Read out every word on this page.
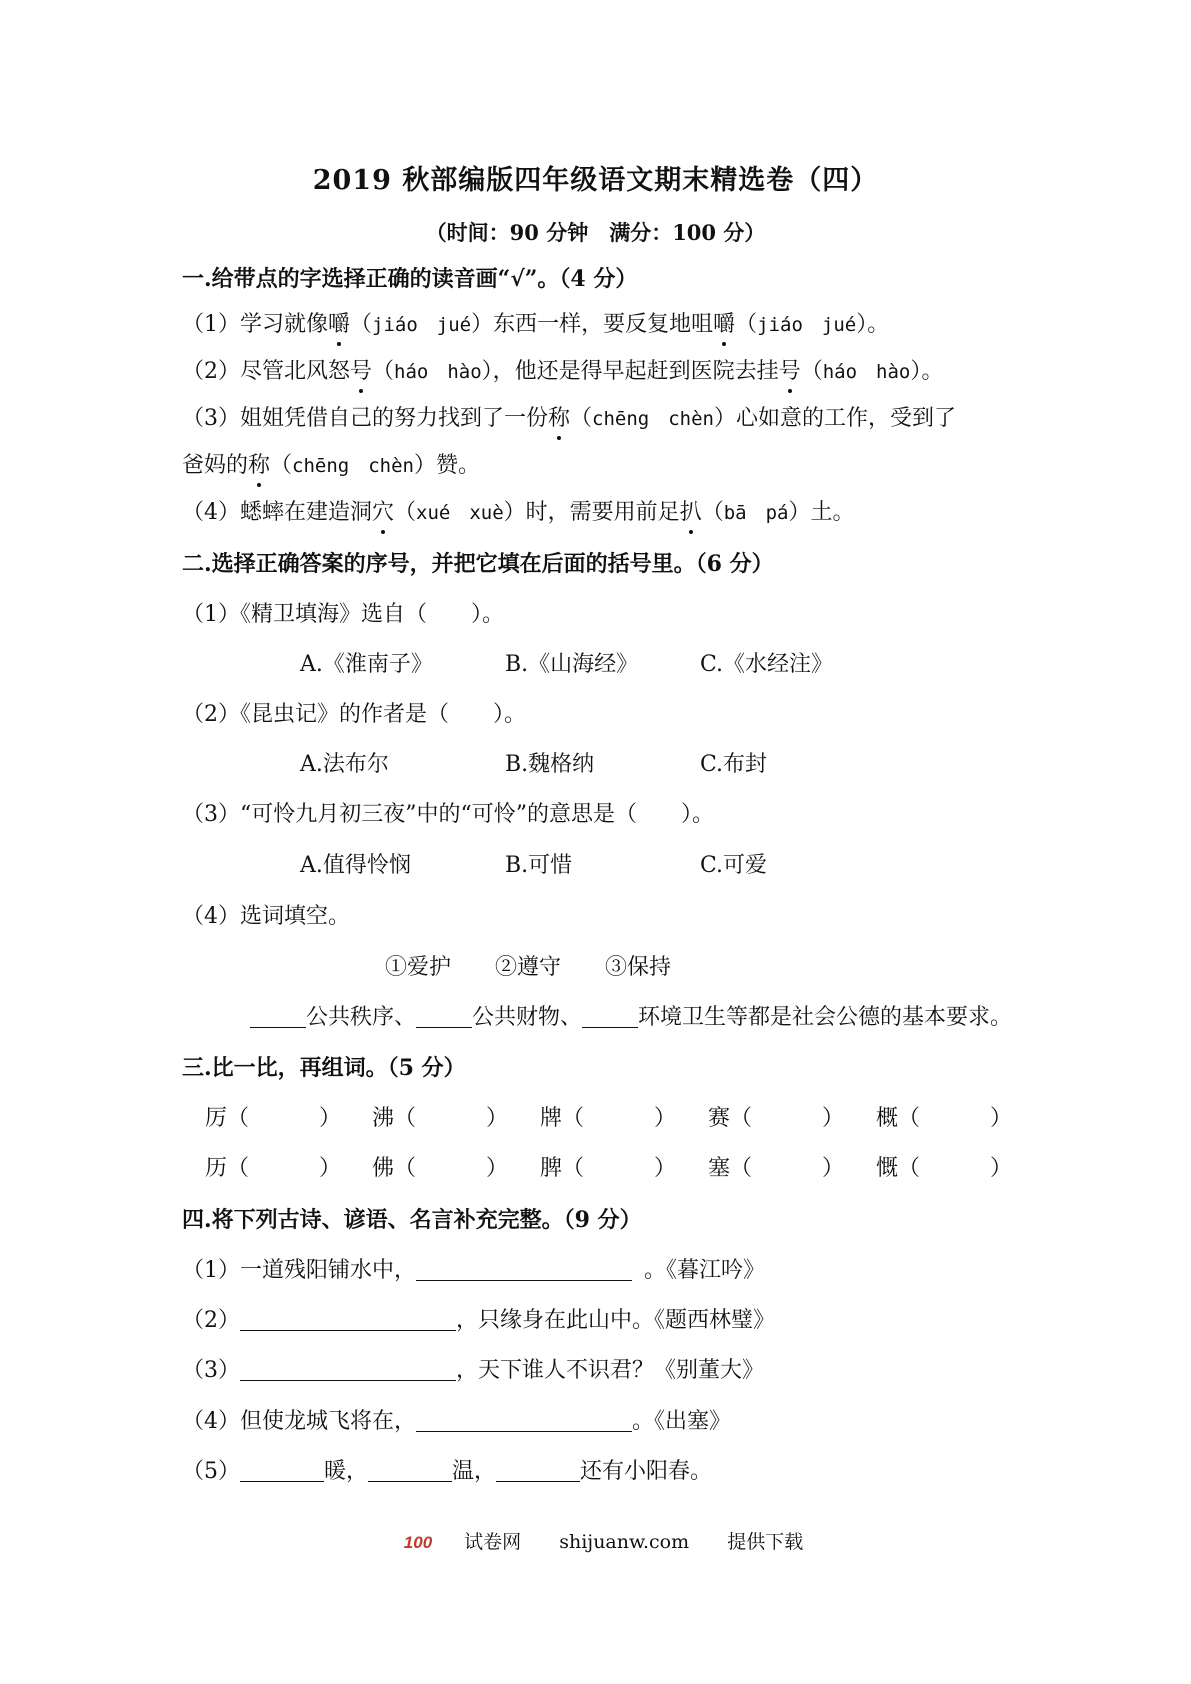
2019 秋部编版四年级语文期末精选卷（四）
（时间：90 分钟　满分：100 分）
一.给带点的字选择正确的读音画“√”。（4 分）
（1）学习就像嚼（jiáo　jué）东西一样，要反复地咀嚼（jiáo　jué）。
（2）尽管北风怒号（háo　hào），他还是得早起赶到医院去挂号（háo　hào）。
（3）姐姐凭借自己的努力找到了一份称（chēng　chèn）心如意的工作，受到了
爸妈的称（chēng　chèn）赞。
（4）蟋蟀在建造洞穴（xué　xuè）时，需要用前足扒（bā　pá）土。
二.选择正确答案的序号，并把它填在后面的括号里。（6 分）
（1）《精卫填海》选自（　　）。
A.《淮南子》	B.《山海经》	C.《水经注》
（2）《昆虫记》的作者是（　　）。
A.法布尔	B.魏格纳	C.布封
（3）“可怜九月初三夜”中的“可怜”的意思是（　　）。
A.值得怜悯	B.可惜	C.可爱
（4）选词填空。
①爱护　　②遵守　　③保持
公共秩序、	公共财物、	环境卫生等都是社会公德的基本要求。
三.比一比，再组词。（5 分）
厉（	） 沸（	） 牌（	） 赛（	） 概（	）
历（	） 佛（	） 脾（	） 塞（	） 慨（	）
四.将下列古诗、谚语、名言补充完整。（9 分）
（1）一道残阳铺水中，	。《暮江吟》
（2）	，只缘身在此山中。《题西林璧》
（3）	，天下谁人不识君？《别董大》
（4）但使龙城飞将在，	。《出塞》
（5）	暖，	温，	还有小阳春。
100 试卷网 shijuanw.com 提供下载
